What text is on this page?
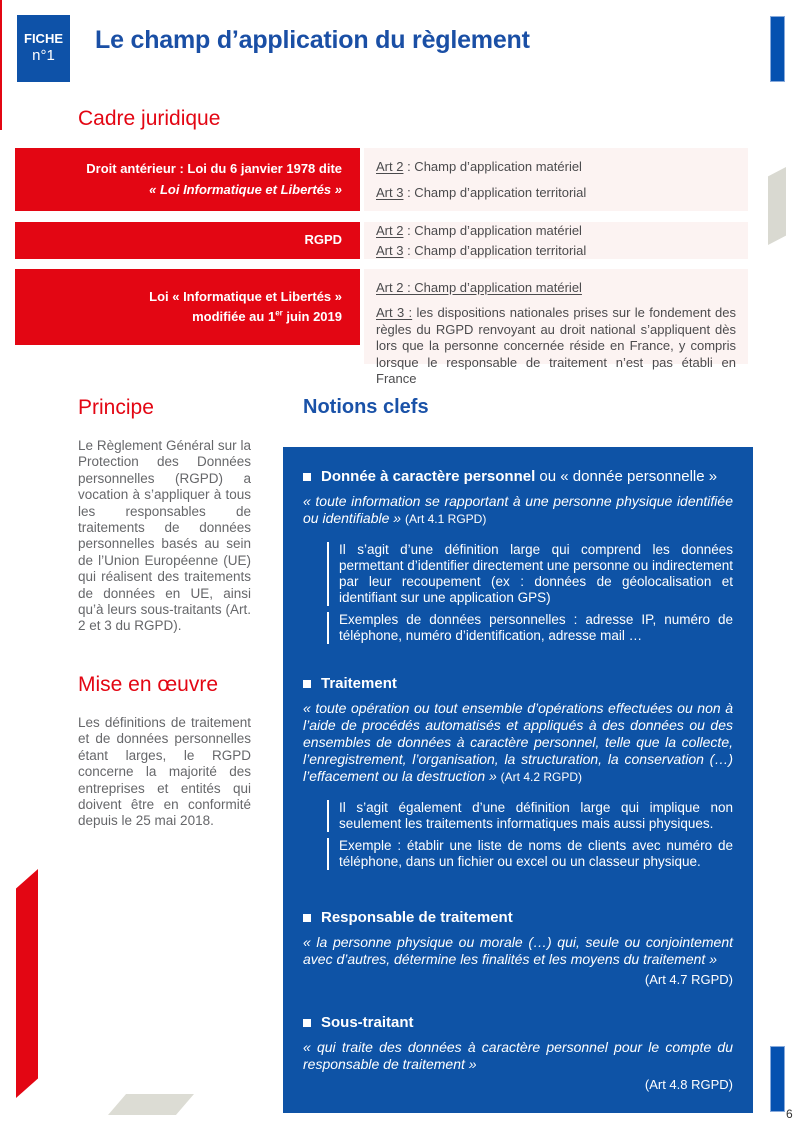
FICHE
n°1
Le champ d’application du règlement
Cadre juridique
Droit antérieur : Loi du 6 janvier 1978 dite
« Loi Informatique et Libertés »
Art 2 : Champ d’application matériel
Art 3 : Champ d’application territorial
RGPD
Art 2 : Champ d’application matériel
Art 3 : Champ d’application territorial
Loi « Informatique et Libertés »
modifiée au 1er juin 2019
Art 2 : Champ d’application matériel

Art 3 : les dispositions nationales prises sur le fondement des règles du RGPD renvoyant au droit national s’appliquent dès lors que la personne concernée réside en France, y compris lorsque le responsable de traitement n’est pas établi en France

Principe

Le Règlement Général sur la Protection des Données personnelles (RGPD) a vocation à s’appliquer à tous les responsables de traitements de données personnelles basés au sein de l’Union Européenne (UE) qui réalisent des traitements de données en UE, ainsi qu’à leurs sous-traitants (Art. 2 et 3 du RGPD).

Mise en œuvre

Les définitions de traitement et de données personnelles étant larges, le RGPD concerne la majorité des entreprises et entités qui doivent être en conformité depuis le 25 mai 2018.

Notions clefs

Donnée à caractère personnel ou « donnée personnelle »

« toute information se rapportant à une personne physique identifiée ou identifiable » (Art 4.1 RGPD)

Il s’agit d’une définition large qui comprend les données permettant d’identifier directement une personne ou indirectement par leur recoupement (ex : données de géolocalisation et identifiant sur une application GPS)

Exemples de données personnelles : adresse IP, numéro de téléphone, numéro d’identification, adresse mail …

Traitement

« toute opération ou tout ensemble d’opérations effectuées ou non à l’aide de procédés automatisés et appliqués à des données ou des ensembles de données à caractère personnel, telle que la collecte, l’enregistrement, l’organisation, la structuration, la conservation (…) l’effacement ou la destruction » (Art 4.2 RGPD)

Il s’agit également d’une définition large qui implique non seulement les traitements informatiques mais aussi physiques.

Exemple : établir une liste de noms de clients avec numéro de téléphone, dans un fichier ou excel ou un classeur physique.

Responsable de traitement

« la personne physique ou morale (…) qui, seule ou conjointement avec d’autres, détermine les finalités et les moyens du traitement »

(Art 4.7 RGPD)

Sous-traitant

« qui traite des données à caractère personnel pour le compte du responsable de traitement »

(Art 4.8 RGPD)

6
